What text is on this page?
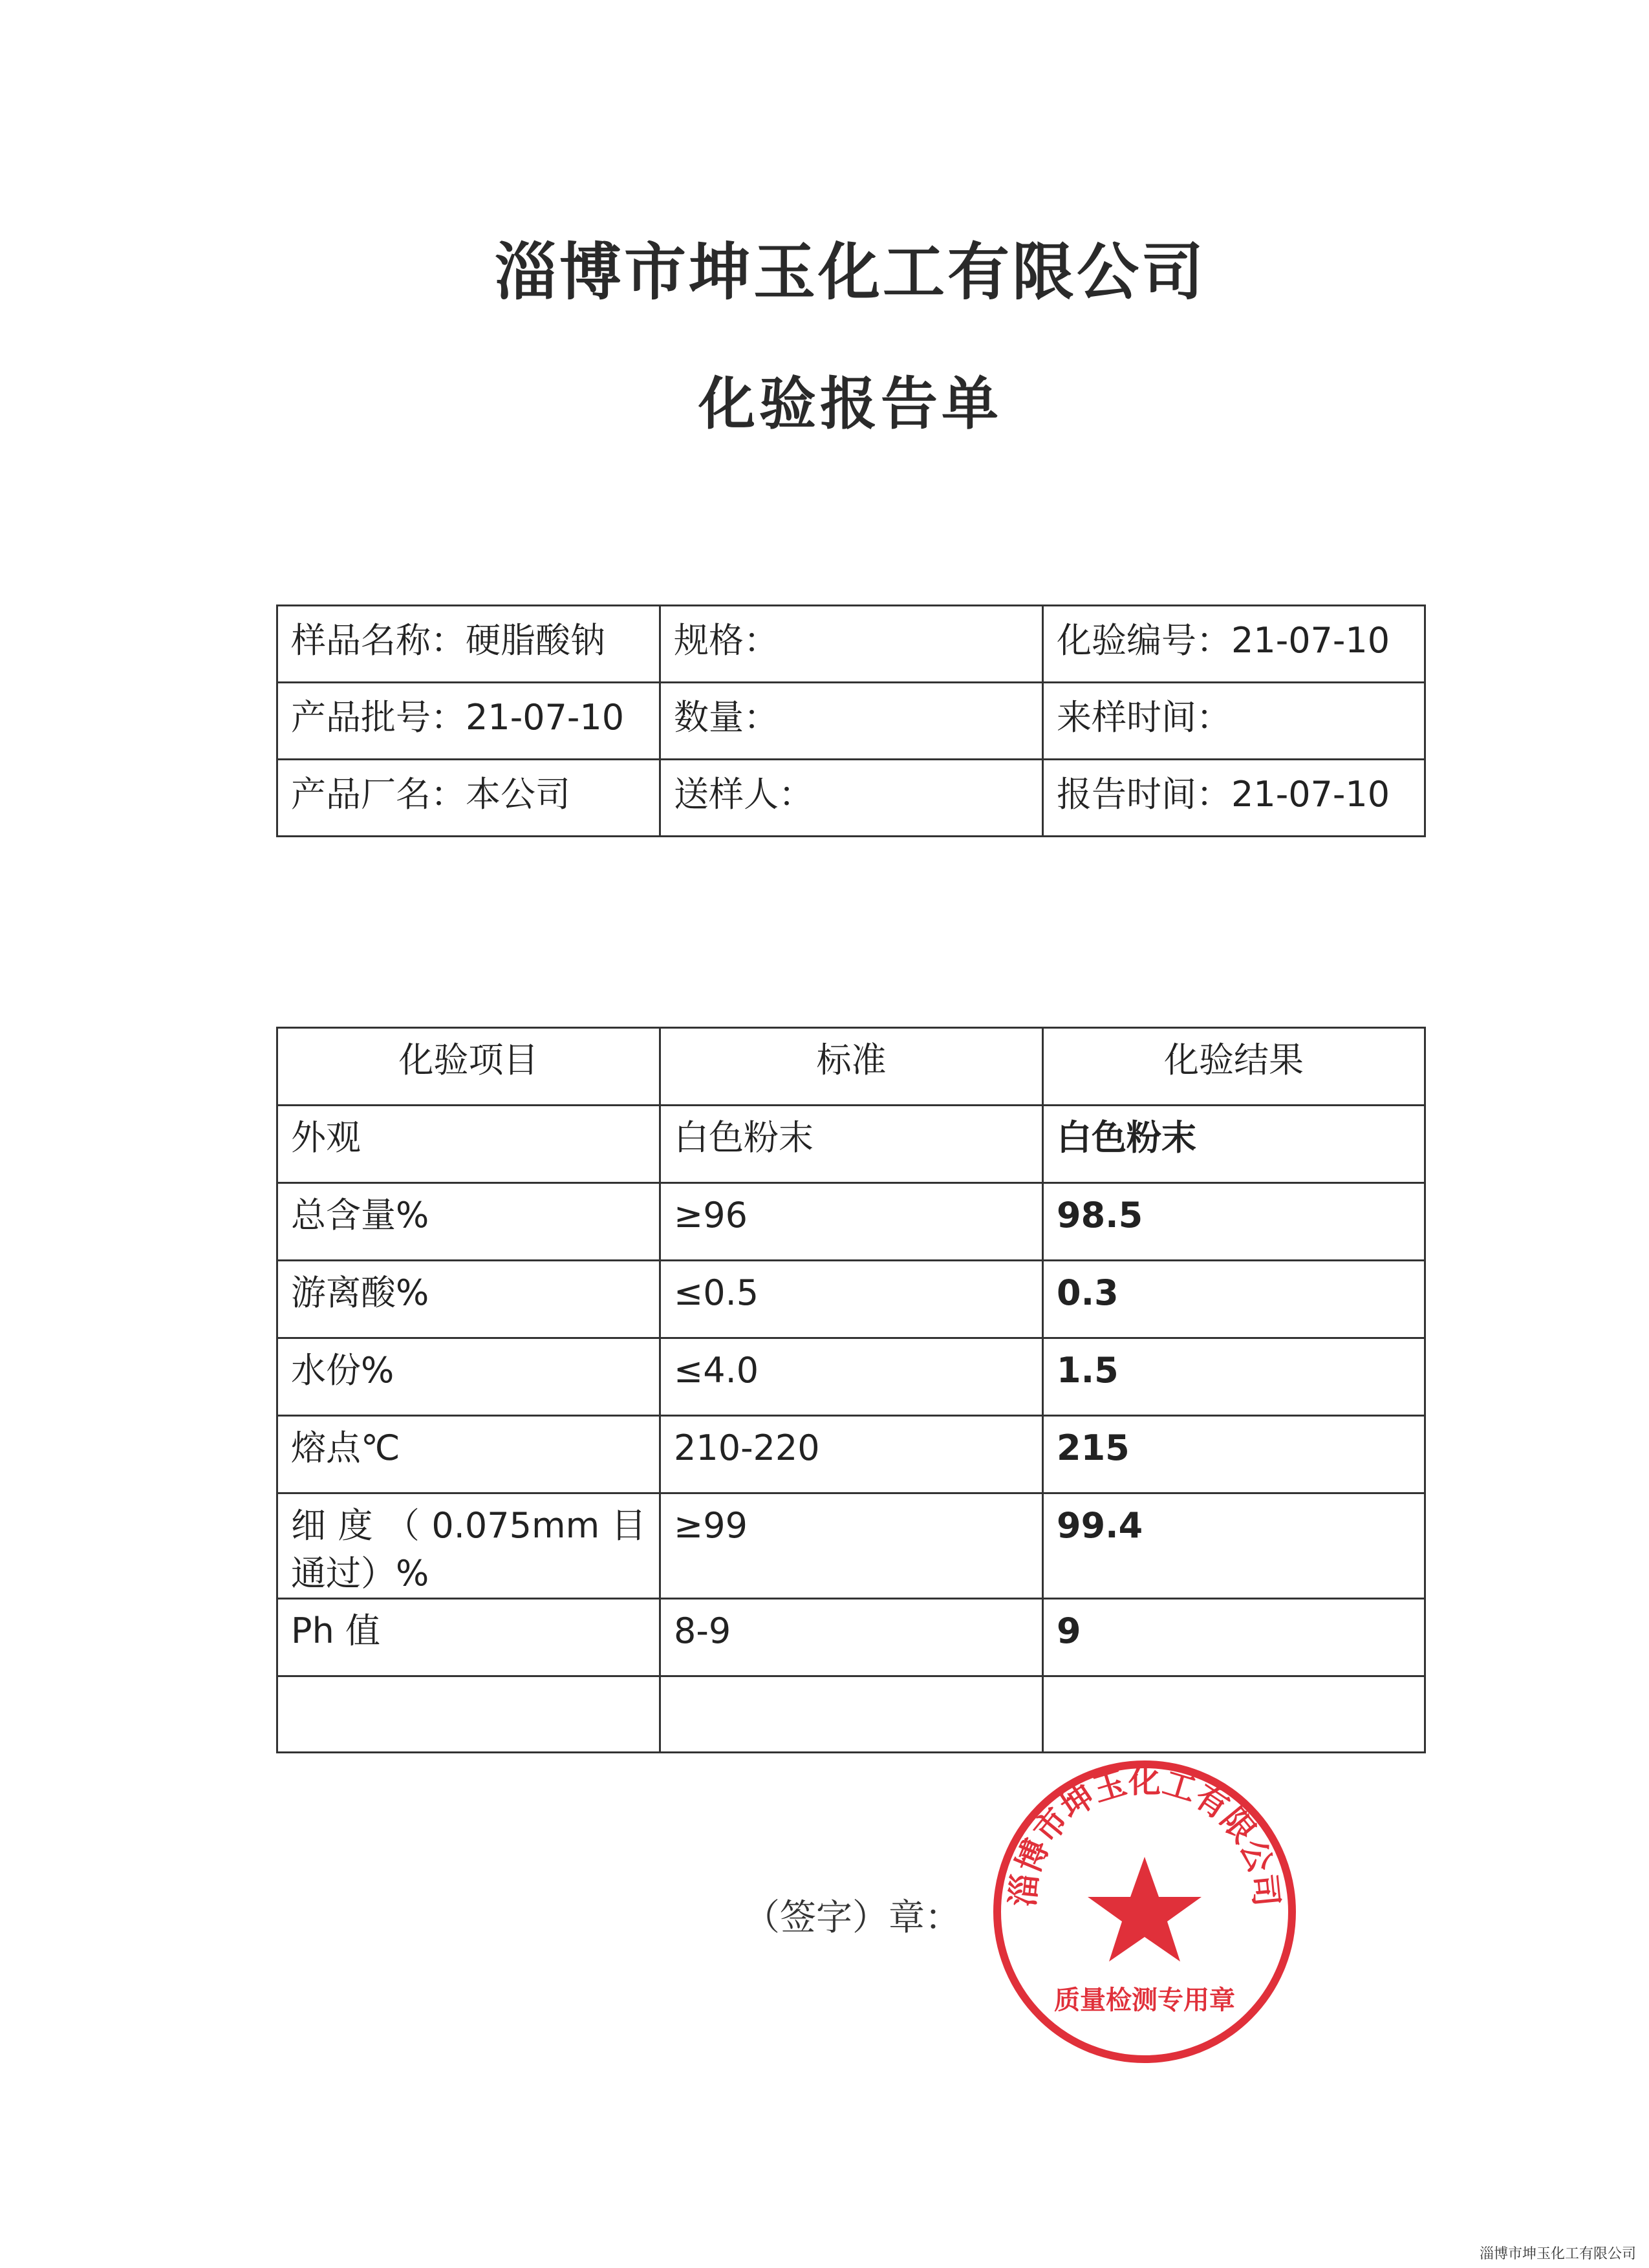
淄博市坤玉化工有限公司
化验报告单
样品名称：硬脂酸钠	规格：	化验编号：21-07-10
产品批号：21-07-10	数量：	来样时间：
产品厂名：本公司	送样人：	报告时间：21-07-10
化验项目	标准	化验结果
外观	白色粉末	白色粉末
总含量%	≥96	98.5
游离酸%	≤0.5	0.3
水份%	≤4.0	1.5
熔点℃	210-220	215
细 度 （ 0.075mm 目通过）%	≥99	99.4
Ph 值	8-9	9

（签字）章：
淄博市坤玉化工有限公司
质量检测专用章
淄博市坤玉化工有限公司
